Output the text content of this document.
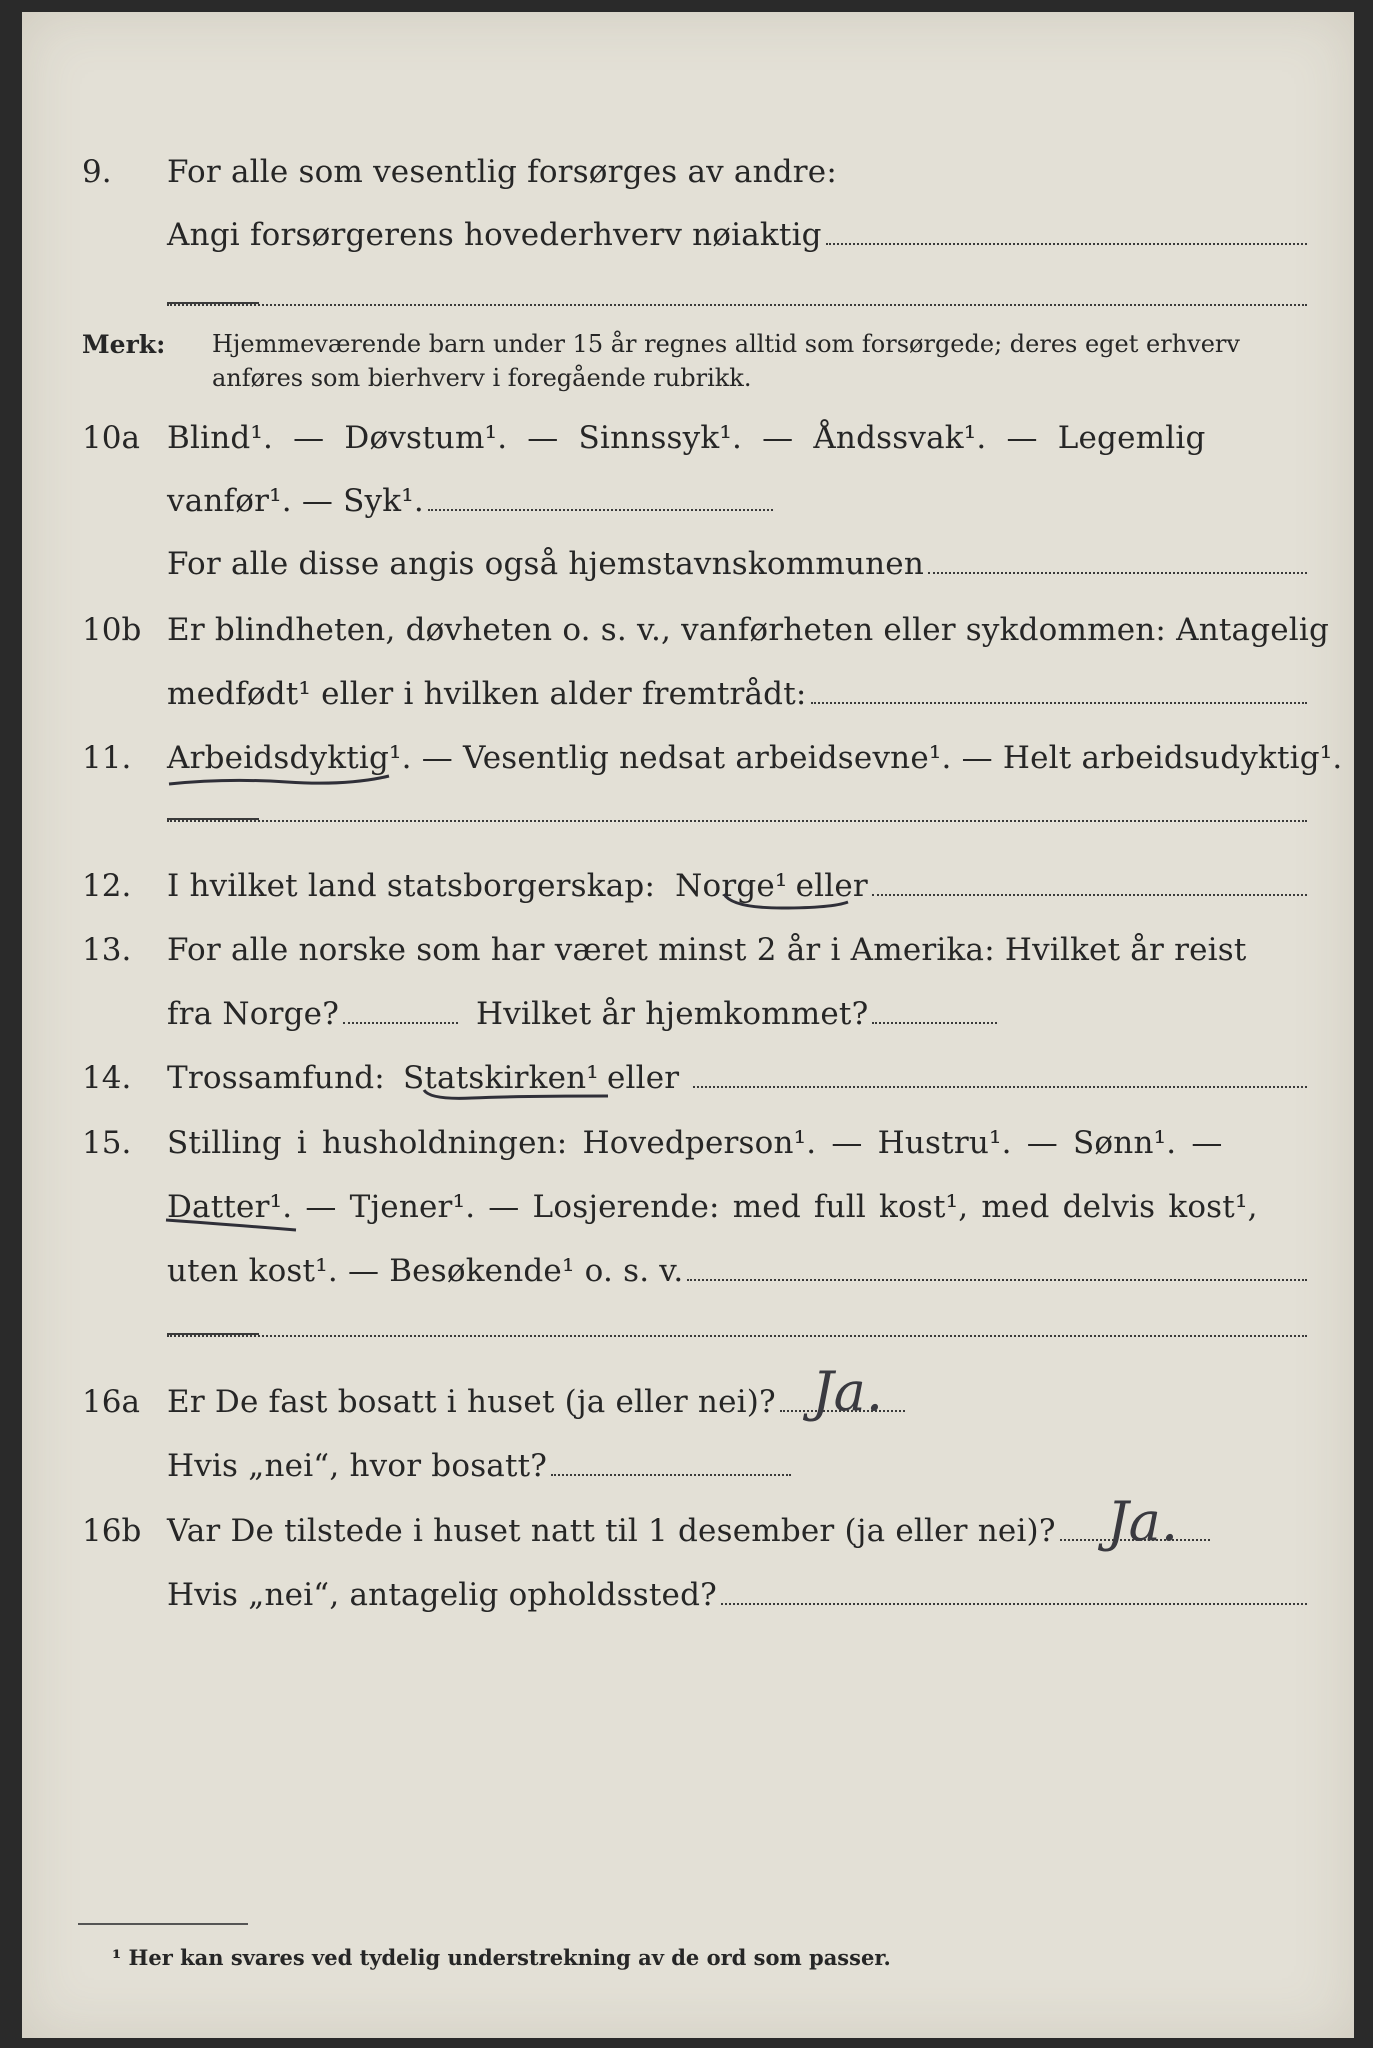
9. For alle som vesentlig forsørges av andre:
Angi forsørgerens hovederhverv nøiaktig
Merk: Hjemmeværende barn under 15 år regnes alltid som forsørgede; deres eget erhverv
anføres som bierhverv i foregående rubrikk.
10a Blind¹. — Døvstum¹. — Sinnssyk¹. — Åndssvak¹. — Legemlig
vanfør¹. — Syk¹.
For alle disse angis også hjemstavnskommunen
10b Er blindheten, døvheten o. s. v., vanførheten eller sykdommen: Antagelig
medfødt¹ eller i hvilken alder fremtrådt:
11. Arbeidsdyktig¹. — Vesentlig nedsat arbeidsevne¹. — Helt arbeidsudyktig¹.
12. I hvilket land statsborgerskap: Norge¹ eller
13. For alle norske som har været minst 2 år i Amerika: Hvilket år reist
fra Norge?	Hvilket år hjemkommet?
14. Trossamfund: Statskirken¹ eller
15. Stilling i husholdningen: Hovedperson¹. — Hustru¹. — Sønn¹. —
Datter¹. — Tjener¹. — Losjerende: med full kost¹, med delvis kost¹,
uten kost¹. — Besøkende¹ o. s. v.
16a Er De fast bosatt i huset (ja eller nei)? Ja.
Hvis „nei“, hvor bosatt?
16b Var De tilstede i huset natt til 1 desember (ja eller nei)? Ja.
Hvis „nei“, antagelig opholdssted?
¹ Her kan svares ved tydelig understrekning av de ord som passer.
